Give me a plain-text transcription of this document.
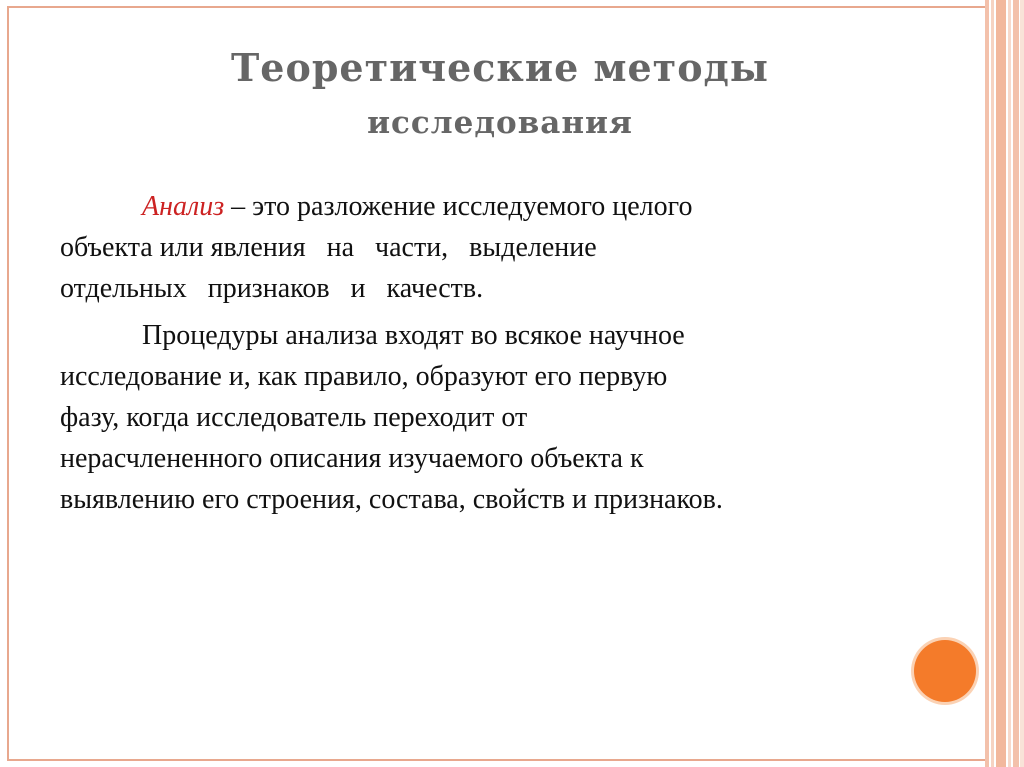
Теоретические методы
исследования
Анализ – это разложение исследуемого целого
объекта или явления   на   части,   выделение
отдельных   признаков   и   качеств.
Процедуры анализа входят во всякое научное
исследование и, как правило, образуют его первую
фазу, когда исследователь переходит от
нерасчлененного описания изучаемого объекта к
выявлению его строения, состава, свойств и признаков.
